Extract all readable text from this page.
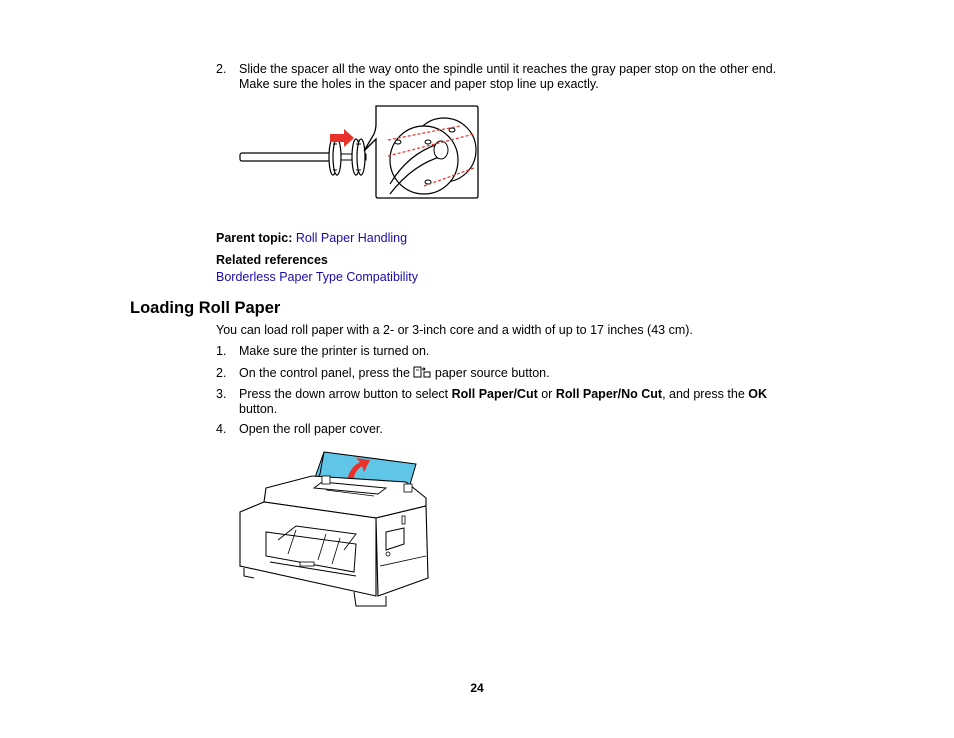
2. Slide the spacer all the way onto the spindle until it reaches the gray paper stop on the other end.
Make sure the holes in the spacer and paper stop line up exactly.
Parent topic: Roll Paper Handling
Related references
Borderless Paper Type Compatibility
Loading Roll Paper
You can load roll paper with a 2- or 3-inch core and a width of up to 17 inches (43 cm).
1. Make sure the printer is turned on.
2. On the control panel, press the paper source button.
3. Press the down arrow button to select Roll Paper/Cut or Roll Paper/No Cut, and press the OK
button.
4. Open the roll paper cover.
24
